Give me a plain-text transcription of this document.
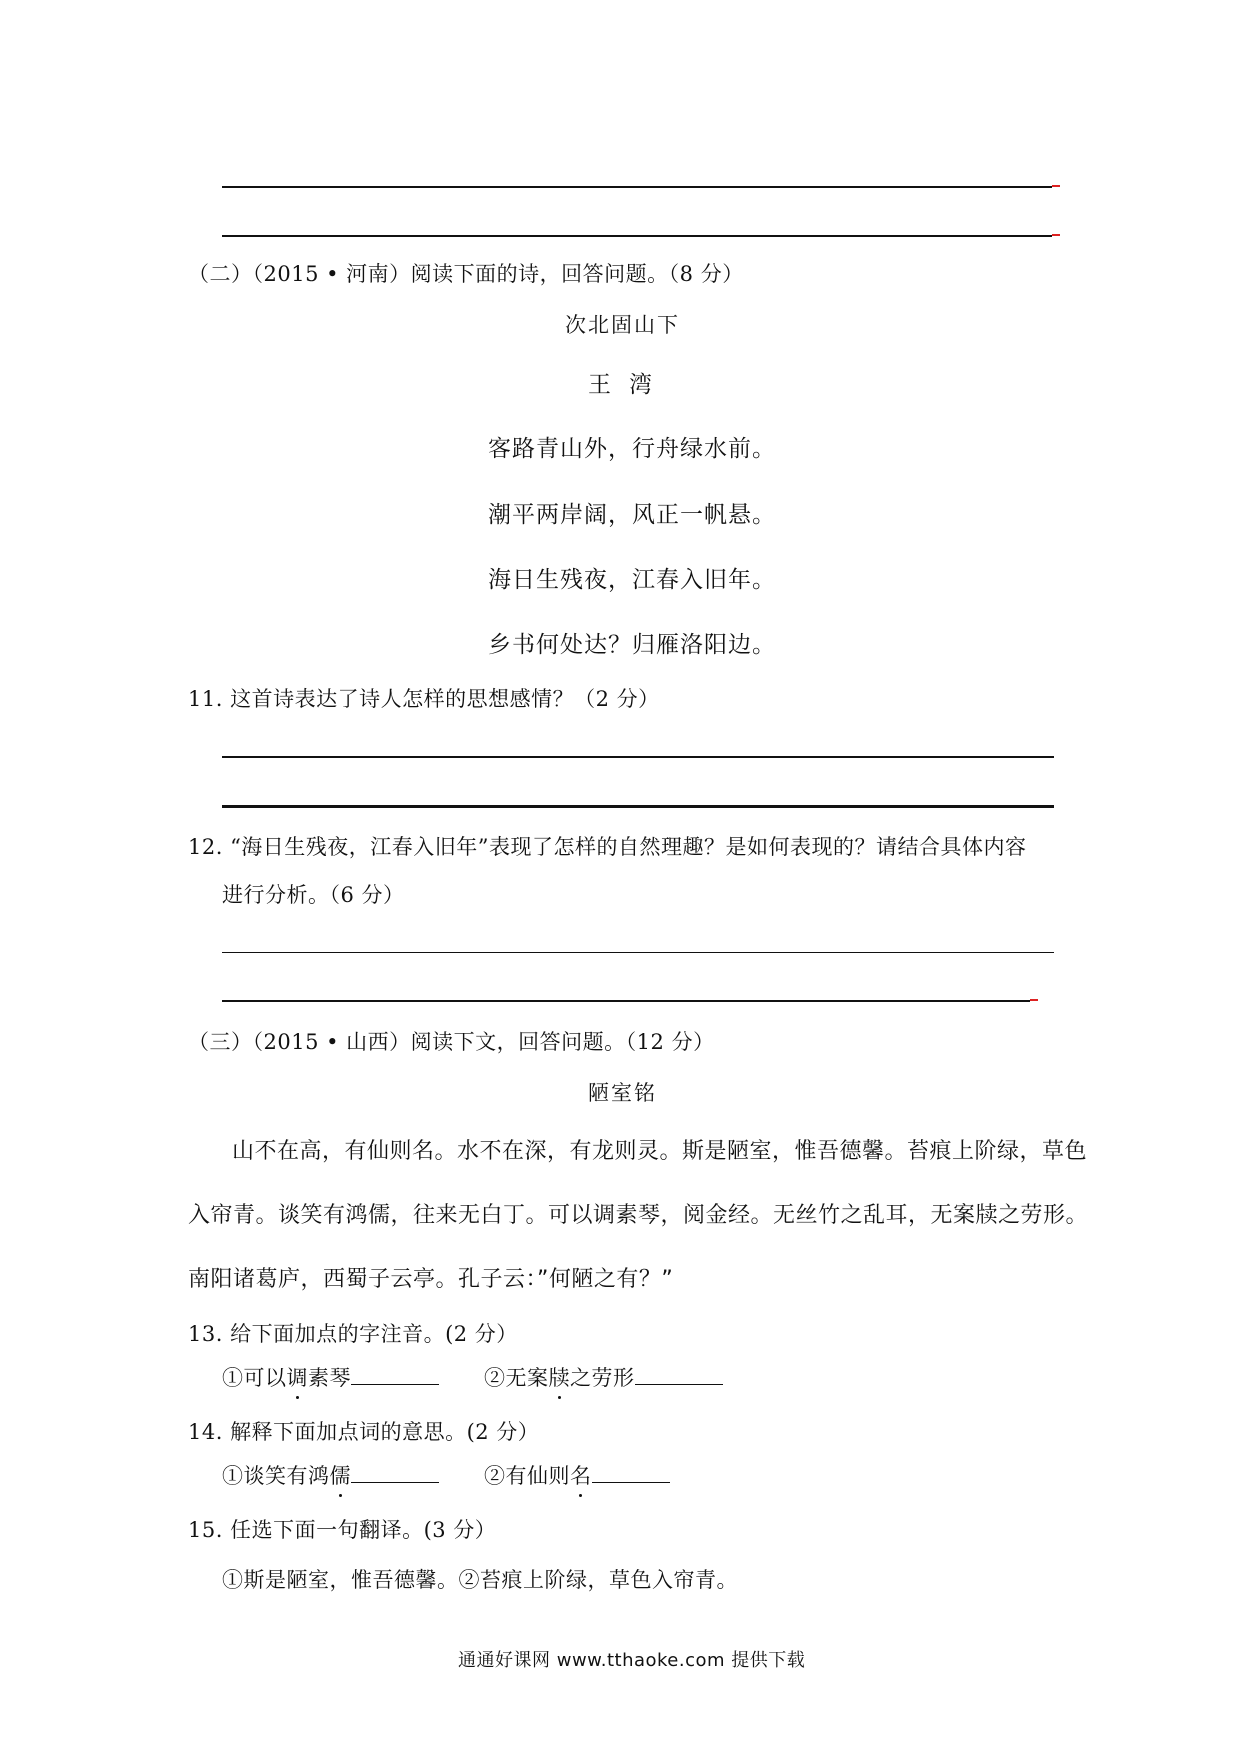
（二）（2015 • 河南）阅读下面的诗，回答问题。（8 分）
次北固山下
王湾
客路青山外，行舟绿水前。
潮平两岸阔，风正一帆悬。
海日生残夜，江春入旧年。
乡书何处达？归雁洛阳边。
11. 这首诗表达了诗人怎样的思想感情？（2 分）
12. “海日生残夜，江春入旧年”表现了怎样的自然理趣？是如何表现的？请结合具体内容
进行分析。（6 分）
（三）（2015 • 山西）阅读下文，回答问题。（12 分）
陋室铭
山不在高，有仙则名。水不在深，有龙则灵。斯是陋室，惟吾德馨。苔痕上阶绿，草色
入帘青。谈笑有鸿儒，往来无白丁。可以调素琴，阅金经。无丝竹之乱耳，无案牍之劳形。
南阳诸葛庐，西蜀子云亭。孔子云：”何陋之有？”
13. 给下面加点的字注音。(2 分）
①可以调素琴	②无案牍之劳形
14. 解释下面加点词的意思。(2 分）
①谈笑有鸿儒	②有仙则名
15. 任选下面一句翻译。(3 分）
①斯是陋室，惟吾德馨。②苔痕上阶绿，草色入帘青。
通通好课网 www.tthaoke.com 提供下载
